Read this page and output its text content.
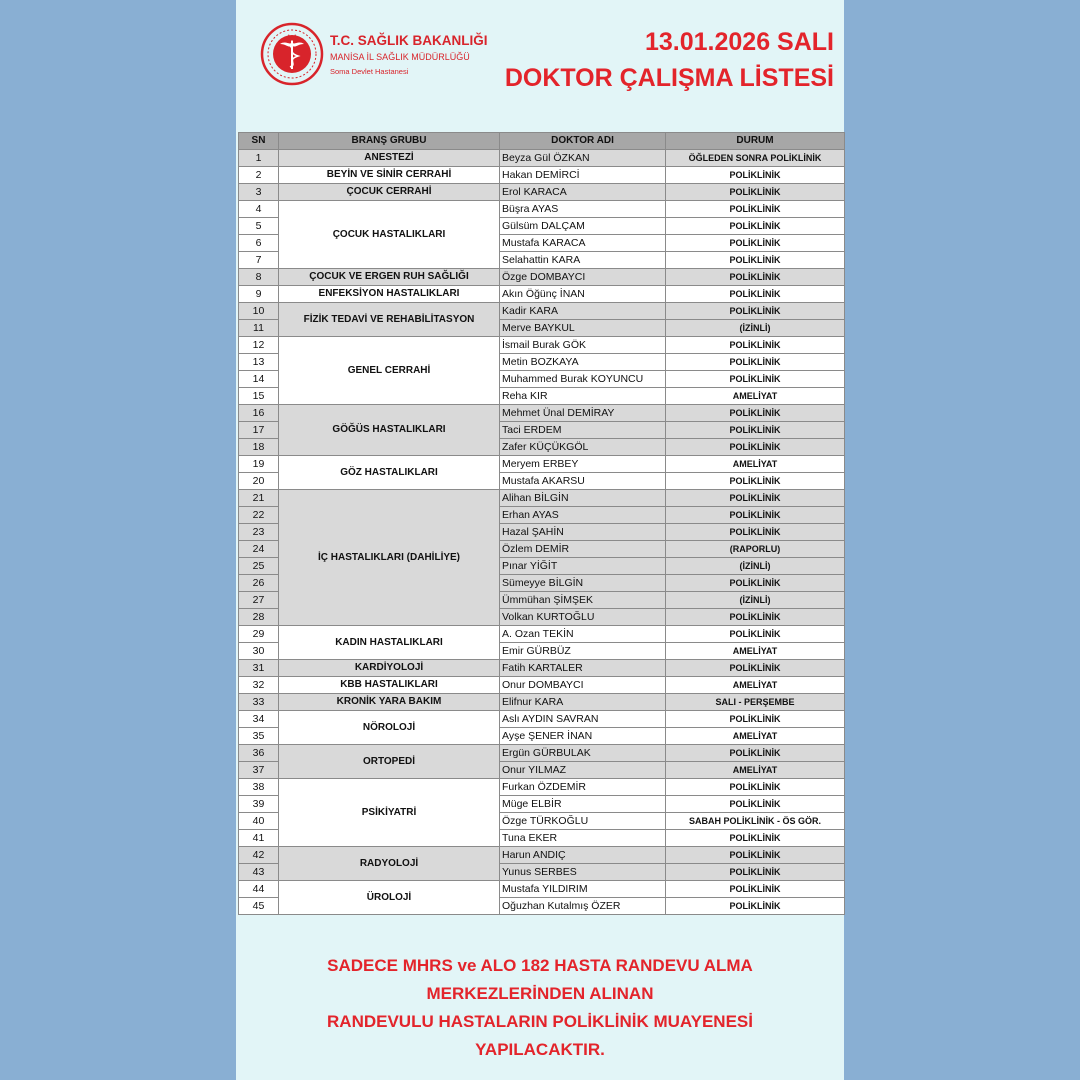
T.C. SAĞLIK BAKANLIĞI
MANİSA İL SAĞLIK MÜDÜRLÜĞÜ
Soma Devlet Hastanesi
13.01.2026 SALI
DOKTOR ÇALIŞMA LİSTESİ
SN	BRANŞ GRUBU	DOKTOR ADI	DURUM
1	ANESTEZİ	Beyza Gül ÖZKAN	ÖĞLEDEN SONRA POLİKLİNİK
2	BEYİN VE SİNİR CERRAHİ	Hakan DEMİRCİ	POLİKLİNİK
3	ÇOCUK CERRAHİ	Erol KARACA	POLİKLİNİK
4	ÇOCUK HASTALIKLARI	Büşra AYAS	POLİKLİNİK
5		Gülsüm DALÇAM	POLİKLİNİK
6		Mustafa KARACA	POLİKLİNİK
7		Selahattin KARA	POLİKLİNİK
8	ÇOCUK VE ERGEN RUH SAĞLIĞI	Özge DOMBAYCI	POLİKLİNİK
9	ENFEKSİYON HASTALIKLARI	Akın Öğünç İNAN	POLİKLİNİK
10	FİZİK TEDAVİ VE REHABİLİTASYON	Kadir KARA	POLİKLİNİK
11		Merve BAYKUL	(İZİNLİ)
12	GENEL CERRAHİ	İsmail Burak GÖK	POLİKLİNİK
13		Metin BOZKAYA	POLİKLİNİK
14		Muhammed Burak KOYUNCU	POLİKLİNİK
15		Reha KIR	AMELİYAT
16	GÖĞÜS HASTALIKLARI	Mehmet Ünal DEMİRAY	POLİKLİNİK
17		Taci ERDEM	POLİKLİNİK
18		Zafer KÜÇÜKGÖL	POLİKLİNİK
19	GÖZ HASTALIKLARI	Meryem ERBEY	AMELİYAT
20		Mustafa AKARSU	POLİKLİNİK
21	İÇ HASTALIKLARI (DAHİLİYE)	Alihan BİLGİN	POLİKLİNİK
22		Erhan AYAS	POLİKLİNİK
23		Hazal ŞAHİN	POLİKLİNİK
24		Özlem DEMİR	(RAPORLU)
25		Pınar YİĞİT	(İZİNLİ)
26		Sümeyye BİLGİN	POLİKLİNİK
27		Ümmühan ŞİMŞEK	(İZİNLİ)
28		Volkan KURTOĞLU	POLİKLİNİK
29	KADIN HASTALIKLARI	A. Ozan TEKİN	POLİKLİNİK
30		Emir GÜRBÜZ	AMELİYAT
31	KARDİYOLOJİ	Fatih KARTALER	POLİKLİNİK
32	KBB HASTALIKLARI	Onur DOMBAYCI	AMELİYAT
33	KRONİK YARA BAKIM	Elifnur KARA	SALI - PERŞEMBE
34	NÖROLOJİ	Aslı AYDIN SAVRAN	POLİKLİNİK
35		Ayşe ŞENER İNAN	AMELİYAT
36	ORTOPEDİ	Ergün GÜRBULAK	POLİKLİNİK
37		Onur YILMAZ	AMELİYAT
38	PSİKİYATRİ	Furkan ÖZDEMİR	POLİKLİNİK
39		Müge ELBİR	POLİKLİNİK
40		Özge TÜRKOĞLU	SABAH POLİKLİNİK - ÖS GÖR.
41		Tuna EKER	POLİKLİNİK
42	RADYOLOJİ	Harun ANDIÇ	POLİKLİNİK
43		Yunus SERBES	POLİKLİNİK
44	ÜROLOJİ	Mustafa YILDIRIM	POLİKLİNİK
45		Oğuzhan Kutalmış ÖZER	POLİKLİNİK
SADECE MHRS ve ALO 182 HASTA RANDEVU ALMA
MERKEZLERİNDEN ALINAN
RANDEVULU HASTALARIN POLİKLİNİK MUAYENESİ
YAPILACAKTIR.
